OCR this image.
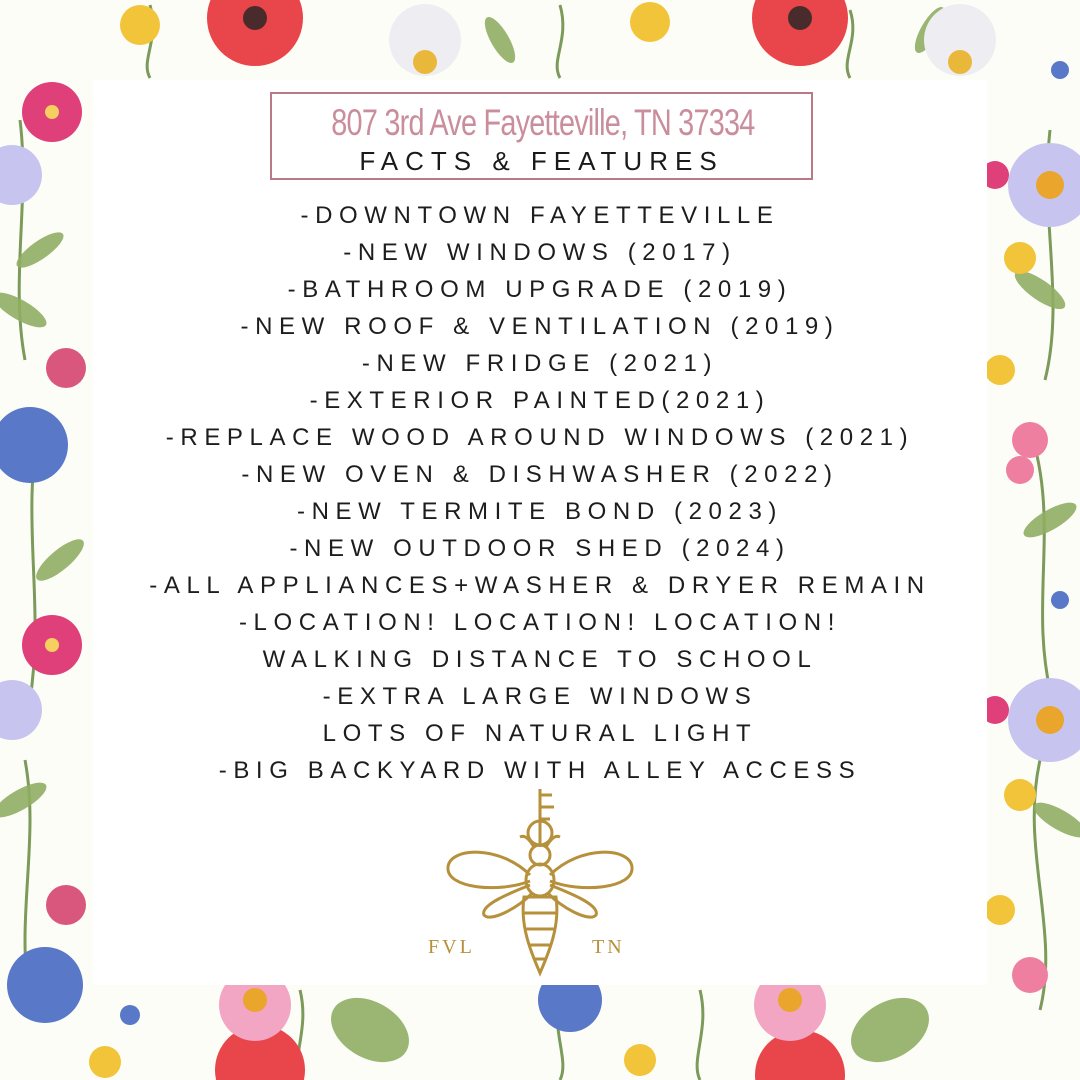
807 3rd Ave Fayetteville, TN 37334
FACTS & FEATURES
-DOWNTOWN FAYETTEVILLE
-NEW WINDOWS (2017)
-BATHROOM UPGRADE (2019)
-NEW ROOF & VENTILATION (2019)
-NEW FRIDGE (2021)
-EXTERIOR PAINTED(2021)
-REPLACE WOOD AROUND WINDOWS (2021)
-NEW OVEN & DISHWASHER (2022)
-NEW TERMITE BOND (2023)
-NEW OUTDOOR SHED (2024)
-ALL APPLIANCES+WASHER & DRYER REMAIN
-LOCATION! LOCATION! LOCATION!
WALKING DISTANCE TO SCHOOL
-EXTRA LARGE WINDOWS
LOTS OF NATURAL LIGHT
-BIG BACKYARD WITH ALLEY ACCESS
FVL	TN
